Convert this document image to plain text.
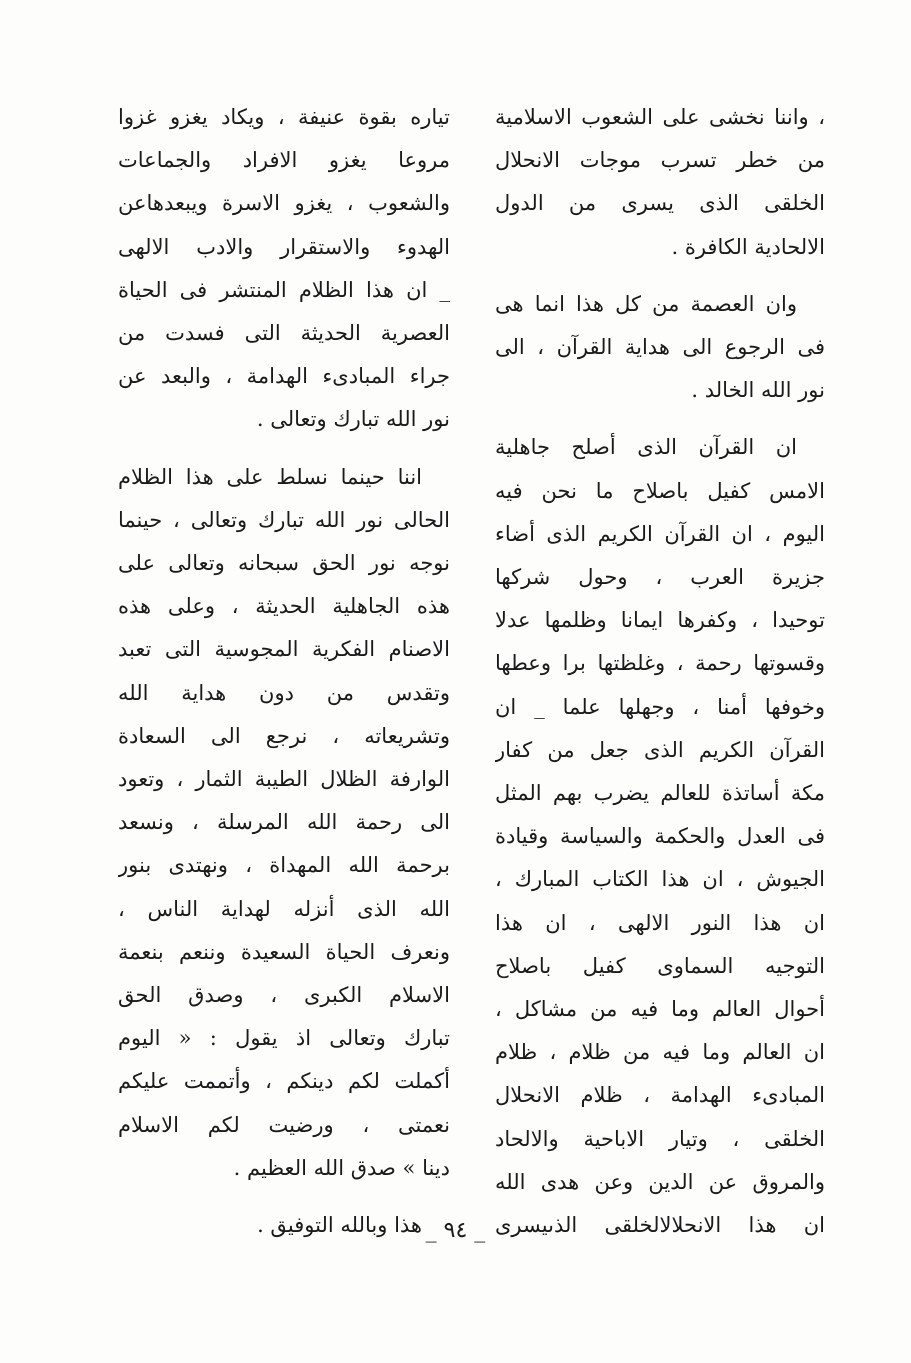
، واننا نخشى على الشعوب الاسلامية
من خطر تسرب موجات الانحلال
الخلقى الذى يسرى من الدول
الالحادية الكافرة .

وان العصمة من كل هذا انما هى
فى الرجوع الى هداية القرآن ، الى
نور الله الخالد .

ان القرآن الذى أصلح جاهلية
الامس كفيل باصلاح ما نحن فيه
اليوم ، ان القرآن الكريم الذى أضاء
جزيرة العرب ، وحول شركها
توحيدا ، وكفرها ايمانا وظلمها عدلا
وقسوتها رحمة ، وغلظتها برا وعطها
وخوفها أمنا ، وجهلها علما _ ان
القرآن الكريم الذى جعل من كفار
مكة أساتذة للعالم يضرب بهم المثل
فى العدل والحكمة والسياسة وقيادة
الجيوش ، ان هذا الكتاب المبارك ،
ان هذا النور الالهى ، ان هذا
التوجيه السماوى كفيل باصلاح
أحوال العالم وما فيه من مشاكل ،
ان العالم وما فيه من ظلام ، ظلام
المبادىء الهدامة ، ظلام الانحلال
الخلقى ، وتيار الاباحية والالحاد
والمروق عن الدين وعن هدى الله
ان هذا الانحلالالخلقى الذىيسرى

تياره بقوة عنيفة ، ويكاد يغزو غزوا
مروعا يغزو الافراد والجماعات
والشعوب ، يغزو الاسرة ويبعدهاعن
الهدوء والاستقرار والادب الالهى
_ ان هذا الظلام المنتشر فى الحياة
العصرية الحديثة التى فسدت من
جراء المبادىء الهدامة ، والبعد عن
نور الله تبارك وتعالى .

اننا حينما نسلط على هذا الظلام
الحالى نور الله تبارك وتعالى ، حينما
نوجه نور الحق سبحانه وتعالى على
هذه الجاهلية الحديثة ، وعلى هذه
الاصنام الفكرية المجوسية التى تعبد
وتقدس من دون هداية الله
وتشريعاته ، نرجع الى السعادة
الوارفة الظلال الطيبة الثمار ، وتعود
الى رحمة الله المرسلة ، ونسعد
برحمة الله المهداة ، ونهتدى بنور
الله الذى أنزله لهداية الناس ،
ونعرف الحياة السعيدة وننعم بنعمة
الاسلام الكبرى ، وصدق الحق
تبارك وتعالى اذ يقول : « اليوم
أكملت لكم دينكم ، وأتممت عليكم
نعمتى ، ورضيت لكم الاسلام
دينا » صدق الله العظيم .

هذا وبالله التوفيق . _ ٩٤ _
